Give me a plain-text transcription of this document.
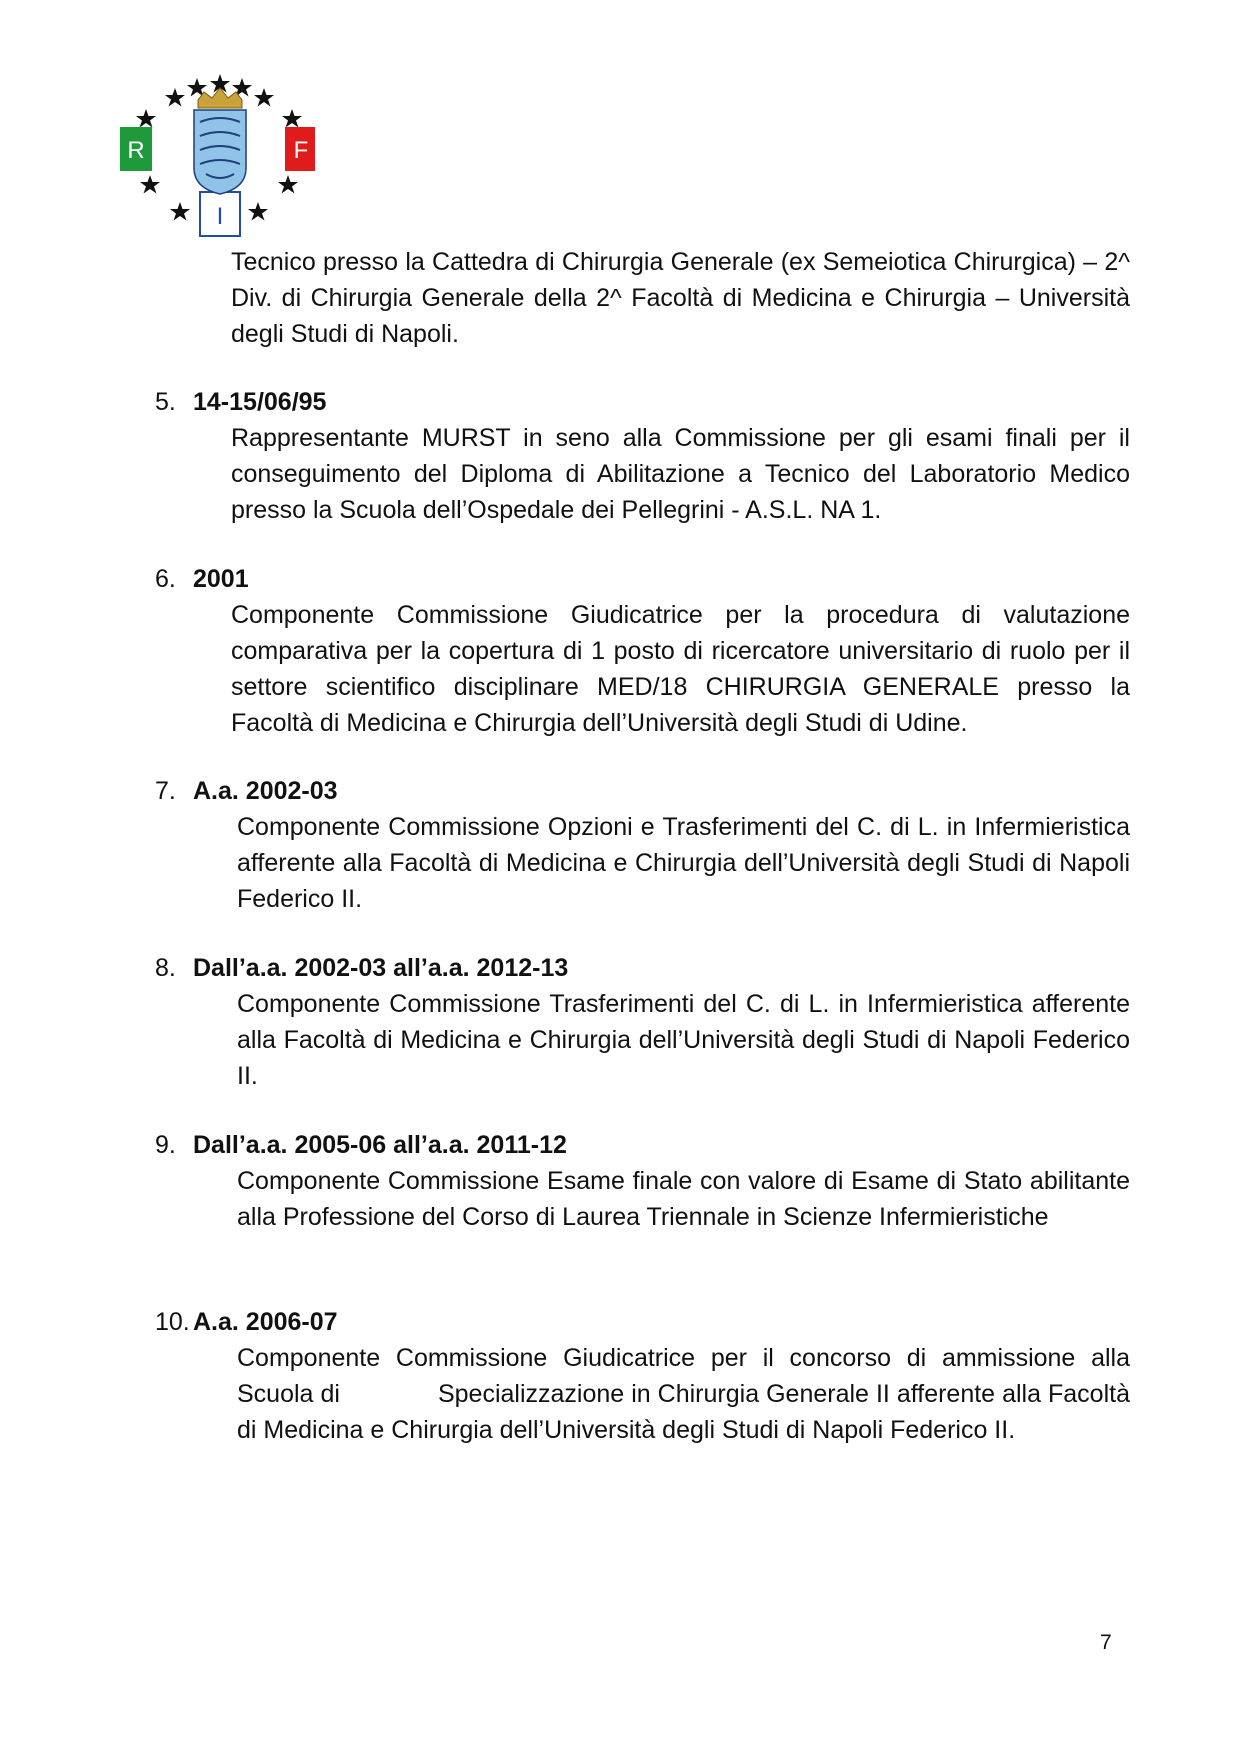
R	F
I
Tecnico presso la Cattedra di Chirurgia Generale (ex Semeiotica Chirurgica) – 2^ Div. di Chirurgia Generale della 2^ Facoltà di Medicina e Chirurgia – Università degli Studi di Napoli.
5. 14-15/06/95
Rappresentante MURST in seno alla Commissione per gli esami finali per il conseguimento del Diploma di Abilitazione a Tecnico del Laboratorio Medico presso la Scuola dell’Ospedale dei Pellegrini - A.S.L. NA 1.
6. 2001
Componente Commissione Giudicatrice per la procedura di valutazione comparativa per la copertura di 1 posto di ricercatore universitario di ruolo per il settore scientifico disciplinare MED/18 CHIRURGIA GENERALE presso la Facoltà di Medicina e Chirurgia dell’Università degli Studi di Udine.
7. A.a. 2002-03
Componente Commissione Opzioni e Trasferimenti del C. di L. in Infermieristica afferente alla Facoltà di Medicina e Chirurgia dell’Università degli Studi di Napoli Federico II.
8. Dall’a.a. 2002-03 all’a.a. 2012-13
Componente Commissione Trasferimenti del C. di L. in Infermieristica afferente alla Facoltà di Medicina e Chirurgia dell’Università degli Studi di Napoli Federico II.
9. Dall’a.a. 2005-06 all’a.a. 2011-12
Componente Commissione Esame finale con valore di Esame di Stato abilitante alla Professione del Corso di Laurea Triennale in Scienze Infermieristiche
10. A.a. 2006-07
Componente Commissione Giudicatrice per il concorso di ammissione alla Scuola di              Specializzazione in Chirurgia Generale II afferente alla Facoltà di Medicina e Chirurgia dell’Università degli Studi di Napoli Federico II.
7
